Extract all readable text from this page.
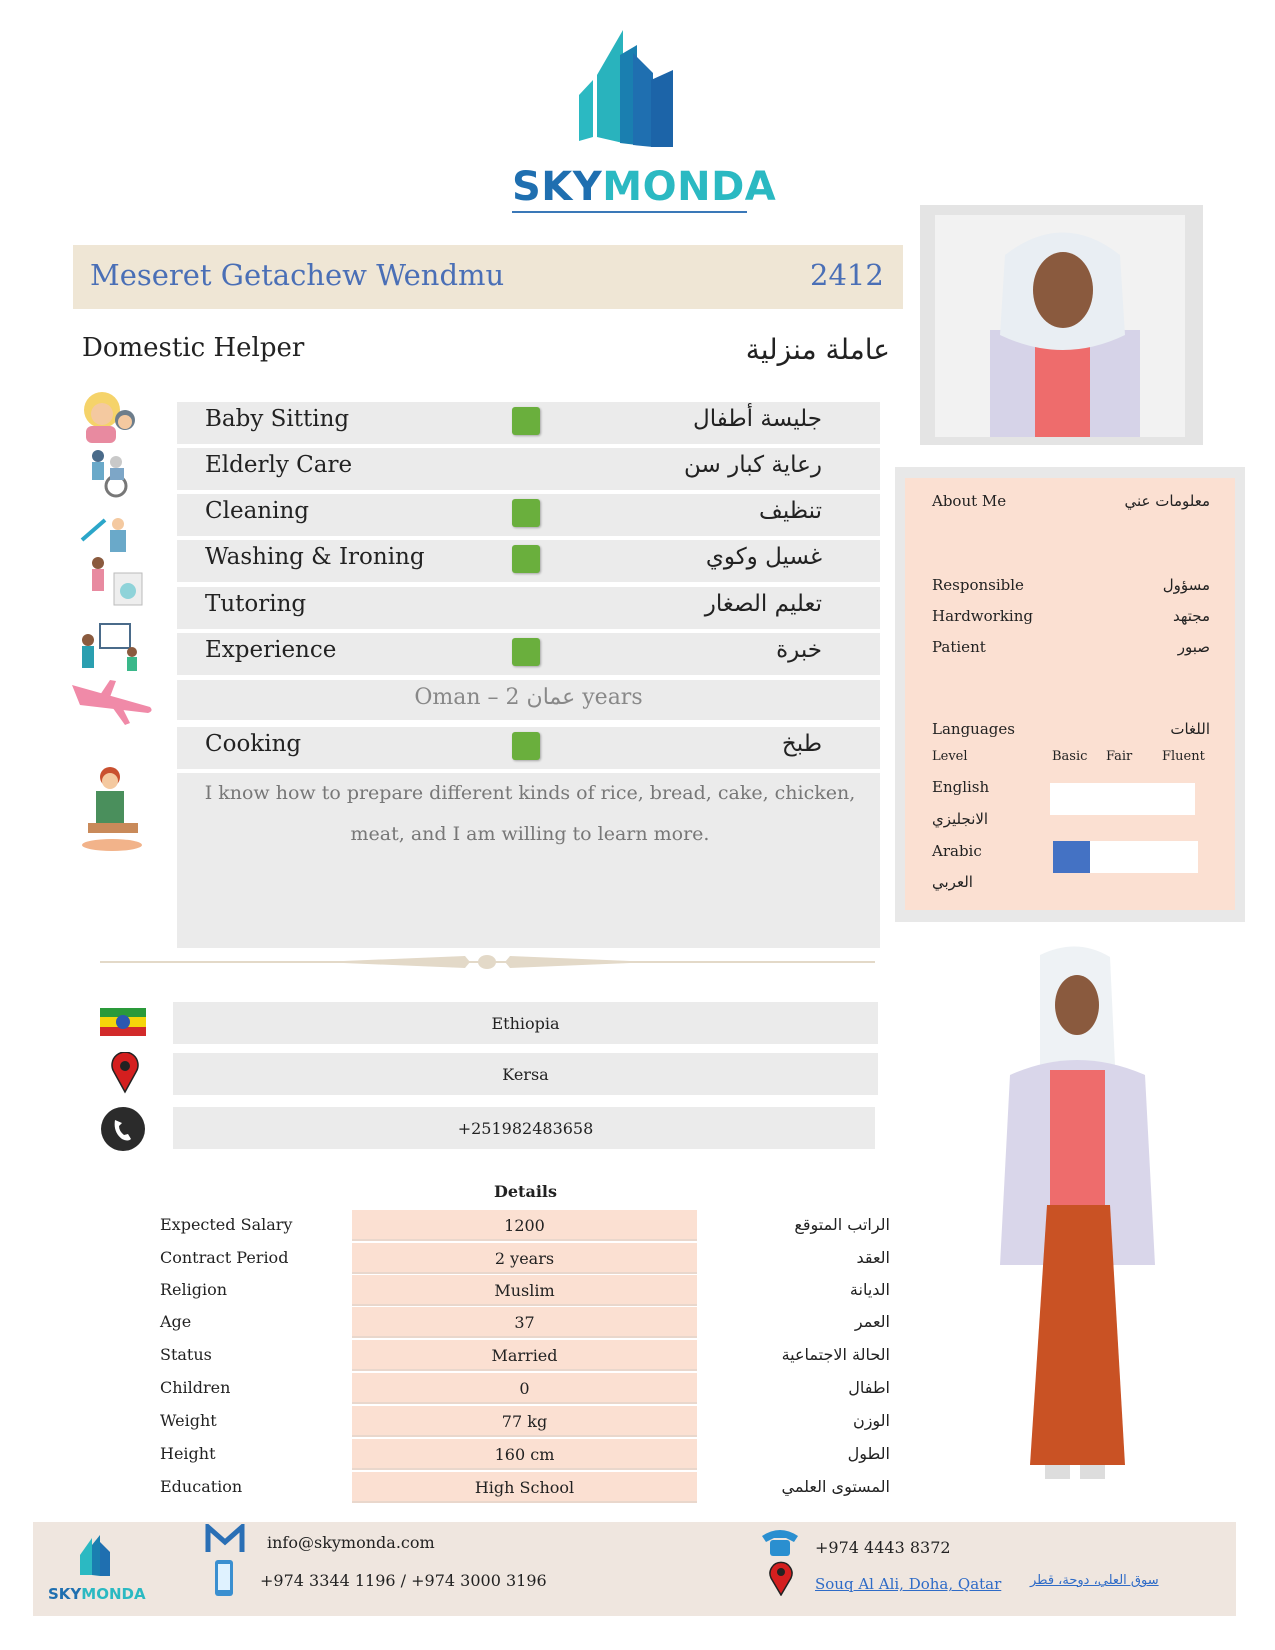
SKYMONDA
Meseret Getachew Wendmu	2412
Domestic Helper	عاملة منزلية
Baby Sitting	جليسة أطفال
Elderly Care	رعاية كبار سن
Cleaning	تنظيف
Washing & Ironing	غسيل وكوي
Tutoring	تعليم الصغار
Experience	خبرة
Oman – عمان 2 years
Cooking	طبخ
I know how to prepare different kinds of rice, bread, cake, chicken, meat, and I am willing to learn more.
About Me	معلومات عني
Responsible	مسؤول
Hardworking	مجتهد
Patient	صبور
Languages	اللغات
Level	Basic Fair Fluent
English
الانجليزي
Arabic
العربي
Ethiopia
Kersa
+251982483658
Details
Expected Salary	1200	الراتب المتوقع
Contract Period	2 years	العقد
Religion	Muslim	الديانة
Age	37	العمر
Status	Married	الحالة الاجتماعية
Children	0	اطفال
Weight	77 kg	الوزن
Height	160 cm	الطول
Education	High School	المستوى العلمي
SKYMONDA
info@skymonda.com
+974 3344 1196 / +974 3000 3196
+974 4443 8372
Souq Al Ali, Doha, Qatar سوق العلي، دوحة، قطر
